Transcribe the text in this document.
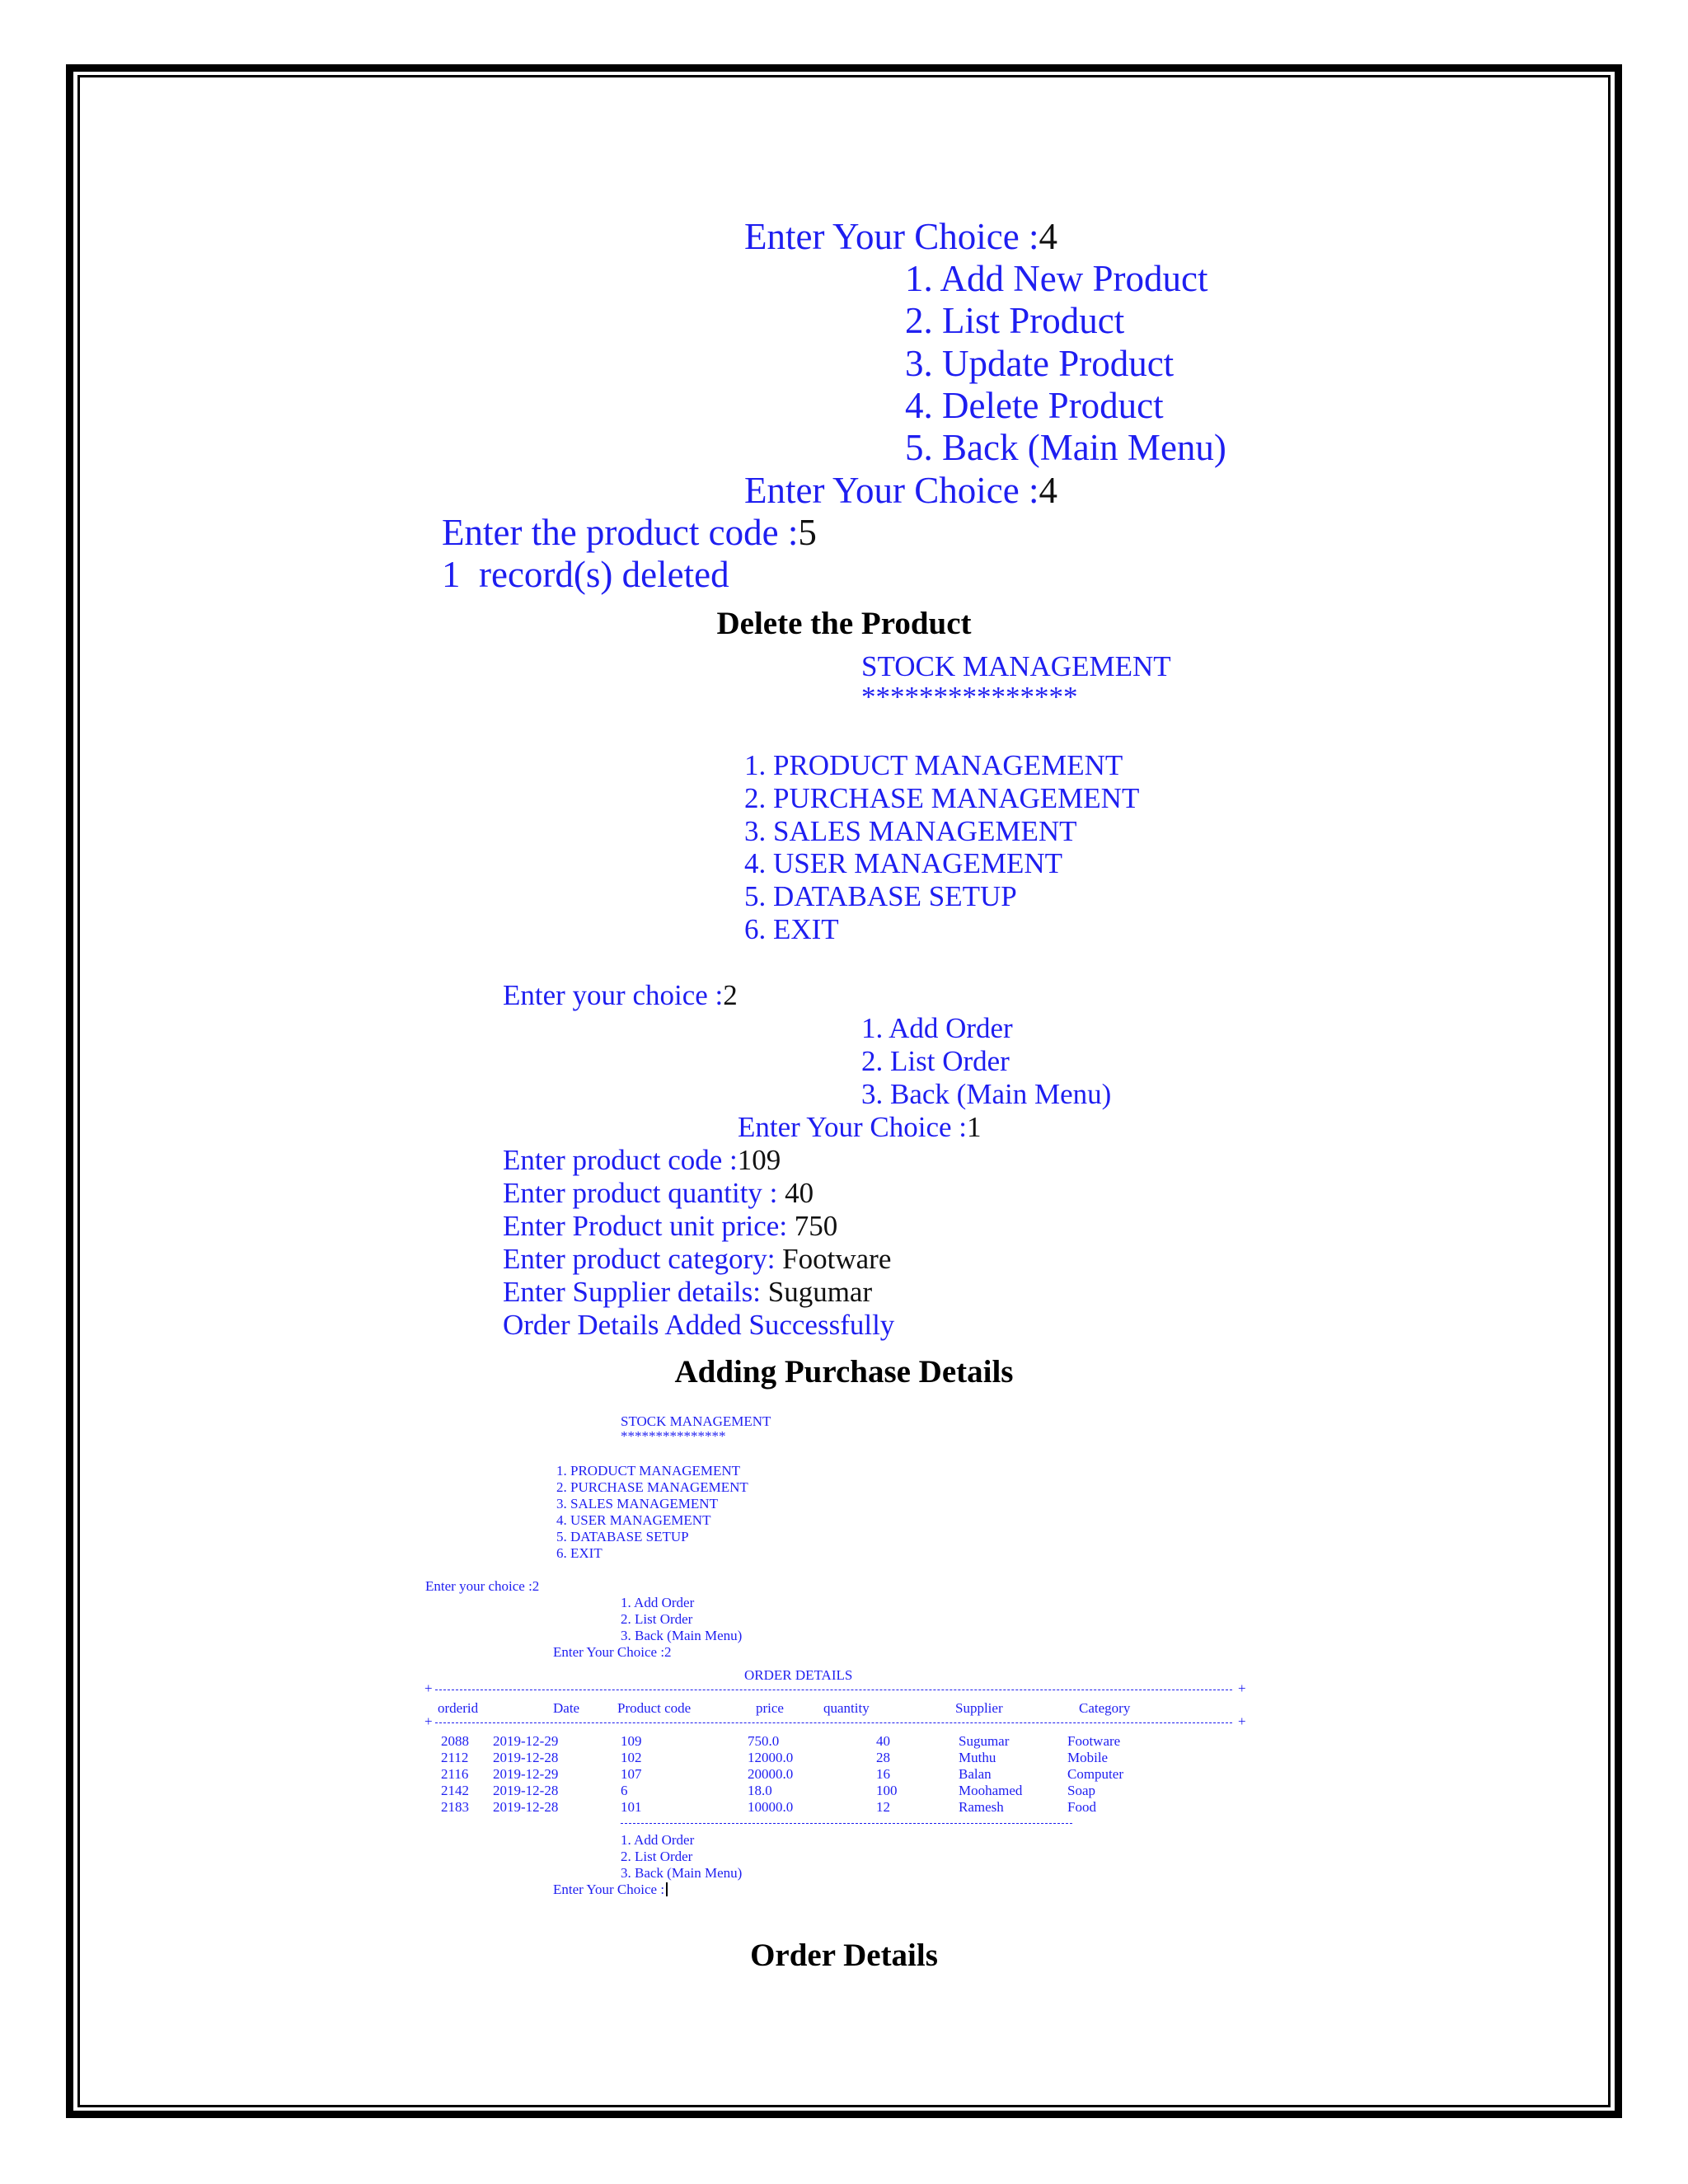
Enter Your Choice :4
1. Add New Product
2. List Product
3. Update Product
4. Delete Product
5. Back (Main Menu)
Enter Your Choice :4
Enter the product code :5
1  record(s) deleted
Delete the Product
STOCK MANAGEMENT
***************
1. PRODUCT MANAGEMENT
2. PURCHASE MANAGEMENT
3. SALES MANAGEMENT
4. USER MANAGEMENT
5. DATABASE SETUP
6. EXIT
Enter your choice :2
1. Add Order
2. List Order
3. Back (Main Menu)
Enter Your Choice :1
Enter product code :109
Enter product quantity : 40
Enter Product unit price: 750
Enter product category: Footware
Enter Supplier details: Sugumar
Order Details Added Successfully
Adding Purchase Details
STOCK MANAGEMENT
***************
1. PRODUCT MANAGEMENT
2. PURCHASE MANAGEMENT
3. SALES MANAGEMENT
4. USER MANAGEMENT
5. DATABASE SETUP
6. EXIT
Enter your choice :2
1. Add Order
2. List Order
3. Back (Main Menu)
Enter Your Choice :2
ORDER DETAILS
+	+
orderid	Date	Product code	price	quantity	Supplier	Category
+	+
2088 2019-12-29	109	750.0	40	Sugumar	Footware
2112 2019-12-28	102	12000.0	28	Muthu	Mobile
2116 2019-12-29	107	20000.0	16	Balan	Computer
2142 2019-12-28	6	18.0	100	Moohamed	Soap
2183 2019-12-28	101	10000.0	12	Ramesh	Food
1. Add Order
2. List Order
3. Back (Main Menu)
Enter Your Choice :
Order Details
